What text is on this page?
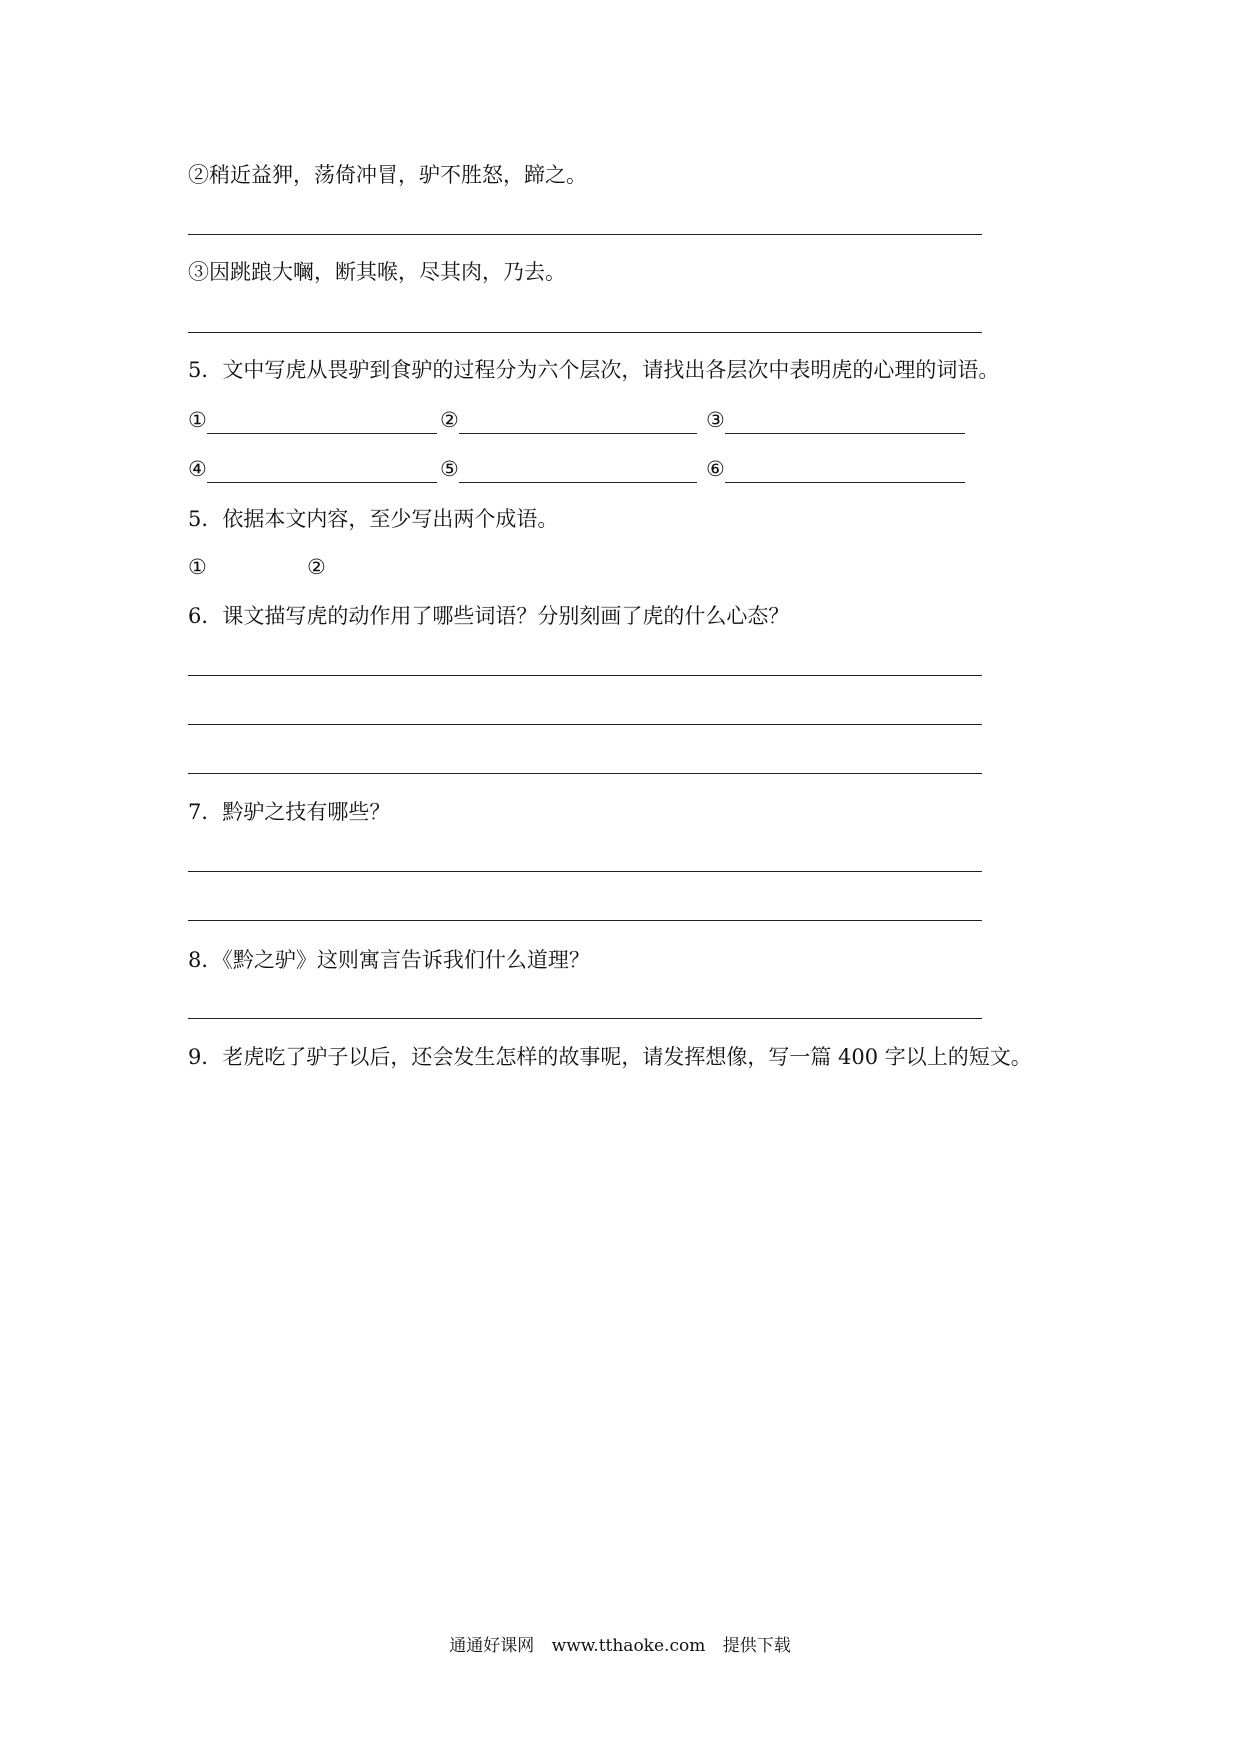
②稍近益狎，荡倚冲冒，驴不胜怒，蹄之。

③因跳踉大㘎，断其喉，尽其肉，乃去。

5．文中写虎从畏驴到食驴的过程分为六个层次，请找出各层次中表明虎的心理的词语。

①	②	③
④	⑤	⑥

5．依据本文内容，至少写出两个成语。

①	②

6．课文描写虎的动作用了哪些词语？分别刻画了虎的什么心态？

7．黔驴之技有哪些？

8．《黔之驴》这则寓言告诉我们什么道理？

9．老虎吃了驴子以后，还会发生怎样的故事呢，请发挥想像，写一篇 400 字以上的短文。

通通好课网 www.tthaoke.com 提供下载
